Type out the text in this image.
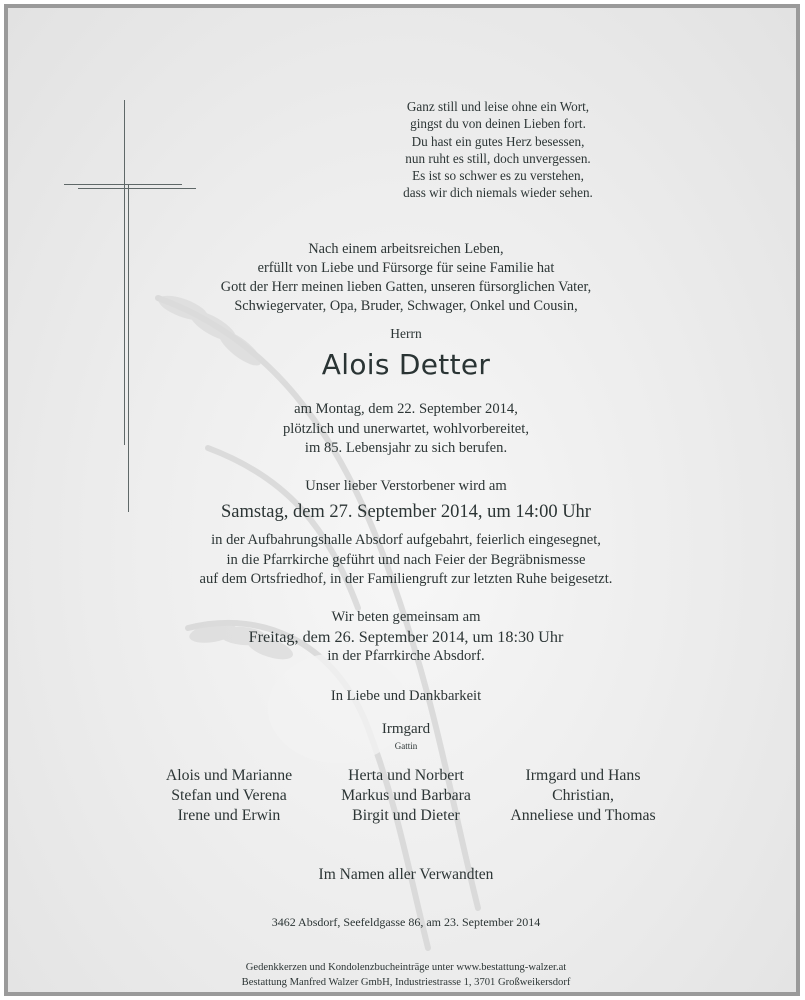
Ganz still und leise ohne ein Wort,
gingst du von deinen Lieben fort.
Du hast ein gutes Herz besessen,
nun ruht es still, doch unvergessen.
Es ist so schwer es zu verstehen,
dass wir dich niemals wieder sehen.
Nach einem arbeitsreichen Leben,
erfüllt von Liebe und Fürsorge für seine Familie hat
Gott der Herr meinen lieben Gatten, unseren fürsorglichen Vater,
Schwiegervater, Opa, Bruder, Schwager, Onkel und Cousin,
Herrn
Alois Detter
am Montag, dem 22. September 2014,
plötzlich und unerwartet, wohlvorbereitet,
im 85. Lebensjahr zu sich berufen.
Unser lieber Verstorbener wird am
Samstag, dem 27. September 2014, um 14:00 Uhr
in der Aufbahrungshalle Absdorf aufgebahrt, feierlich eingesegnet,
in die Pfarrkirche geführt und nach Feier der Begräbnismesse
auf dem Ortsfriedhof, in der Familiengruft zur letzten Ruhe beigesetzt.
Wir beten gemeinsam am
Freitag, dem 26. September 2014, um 18:30 Uhr
in der Pfarrkirche Absdorf.
In Liebe und Dankbarkeit
Irmgard
Gattin
Alois und Marianne
Stefan und Verena
Irene und Erwin
Herta und Norbert
Markus und Barbara
Birgit und Dieter
Irmgard und Hans
Christian,
Anneliese und Thomas
Im Namen aller Verwandten
3462 Absdorf, Seefeldgasse 86, am 23. September 2014
Gedenkkerzen und Kondolenzbucheinträge unter www.bestattung-walzer.at
Bestattung Manfred Walzer GmbH, Industriestrasse 1, 3701 Großweikersdorf
